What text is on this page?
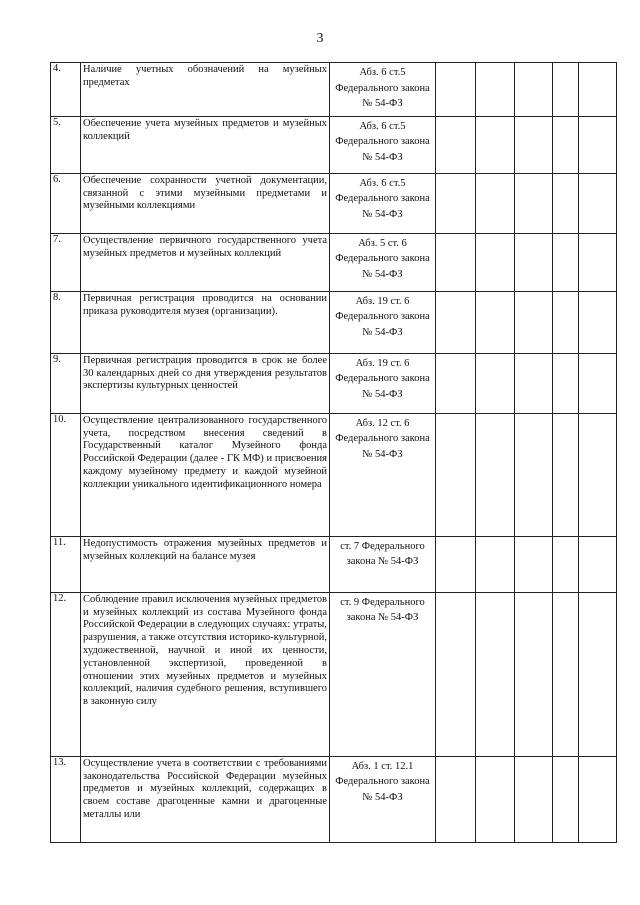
3
4.	Наличие учетных обозначений на музейных предметах	Абз. 6 ст.5 Федерального закона № 54-ФЗ					
5.	Обеспечение учета музейных предметов и музейных коллекций	Абз. 6 ст.5 Федерального закона № 54-ФЗ					
6.	Обеспечение сохранности учетной документации, связанной с этими музейными предметами и музейными коллекциями	Абз. 6 ст.5 Федерального закона № 54-ФЗ					
7.	Осуществление первичного государственного учета музейных предметов и музейных коллекций	Абз. 5 ст. 6 Федерального закона № 54-ФЗ					
8.	Первичная регистрация проводится на основании приказа руководителя музея (организации).	Абз. 19 ст. 6 Федерального закона № 54-ФЗ					
9.	Первичная регистрация проводится в срок не более 30 календарных дней со дня утверждения результатов экспертизы культурных ценностей	Абз. 19 ст. 6 Федерального закона № 54-ФЗ					
10.	Осуществление централизованного государственного учета, посредством внесения сведений в Государственный каталог Музейного фонда Российской Федерации (далее - ГК МФ) и присвоения каждому музейному предмету и каждой музейной коллекции уникального идентификационного номера	Абз. 12 ст. 6 Федерального закона № 54-ФЗ					
11.	Недопустимость отражения музейных предметов и музейных коллекций на балансе музея	ст. 7 Федерального закона № 54-ФЗ					
12.	Соблюдение правил исключения музейных предметов и музейных коллекций из состава Музейного фонда Российской Федерации в следующих случаях: утраты, разрушения, а также отсутствия историко-культурной, художественной, научной и иной их ценности, установленной экспертизой, проведенной в отношении этих музейных предметов и музейных коллекций, наличия судебного решения, вступившего в законную силу	ст. 9 Федерального закона № 54-ФЗ					
13.	Осуществление учета в соответствии с требованиями законодательства Российской Федерации музейных предметов и музейных коллекций, содержащих в своем составе драгоценные камни и драгоценные металлы или	Абз. 1 ст. 12.1 Федерального закона № 54-ФЗ					
